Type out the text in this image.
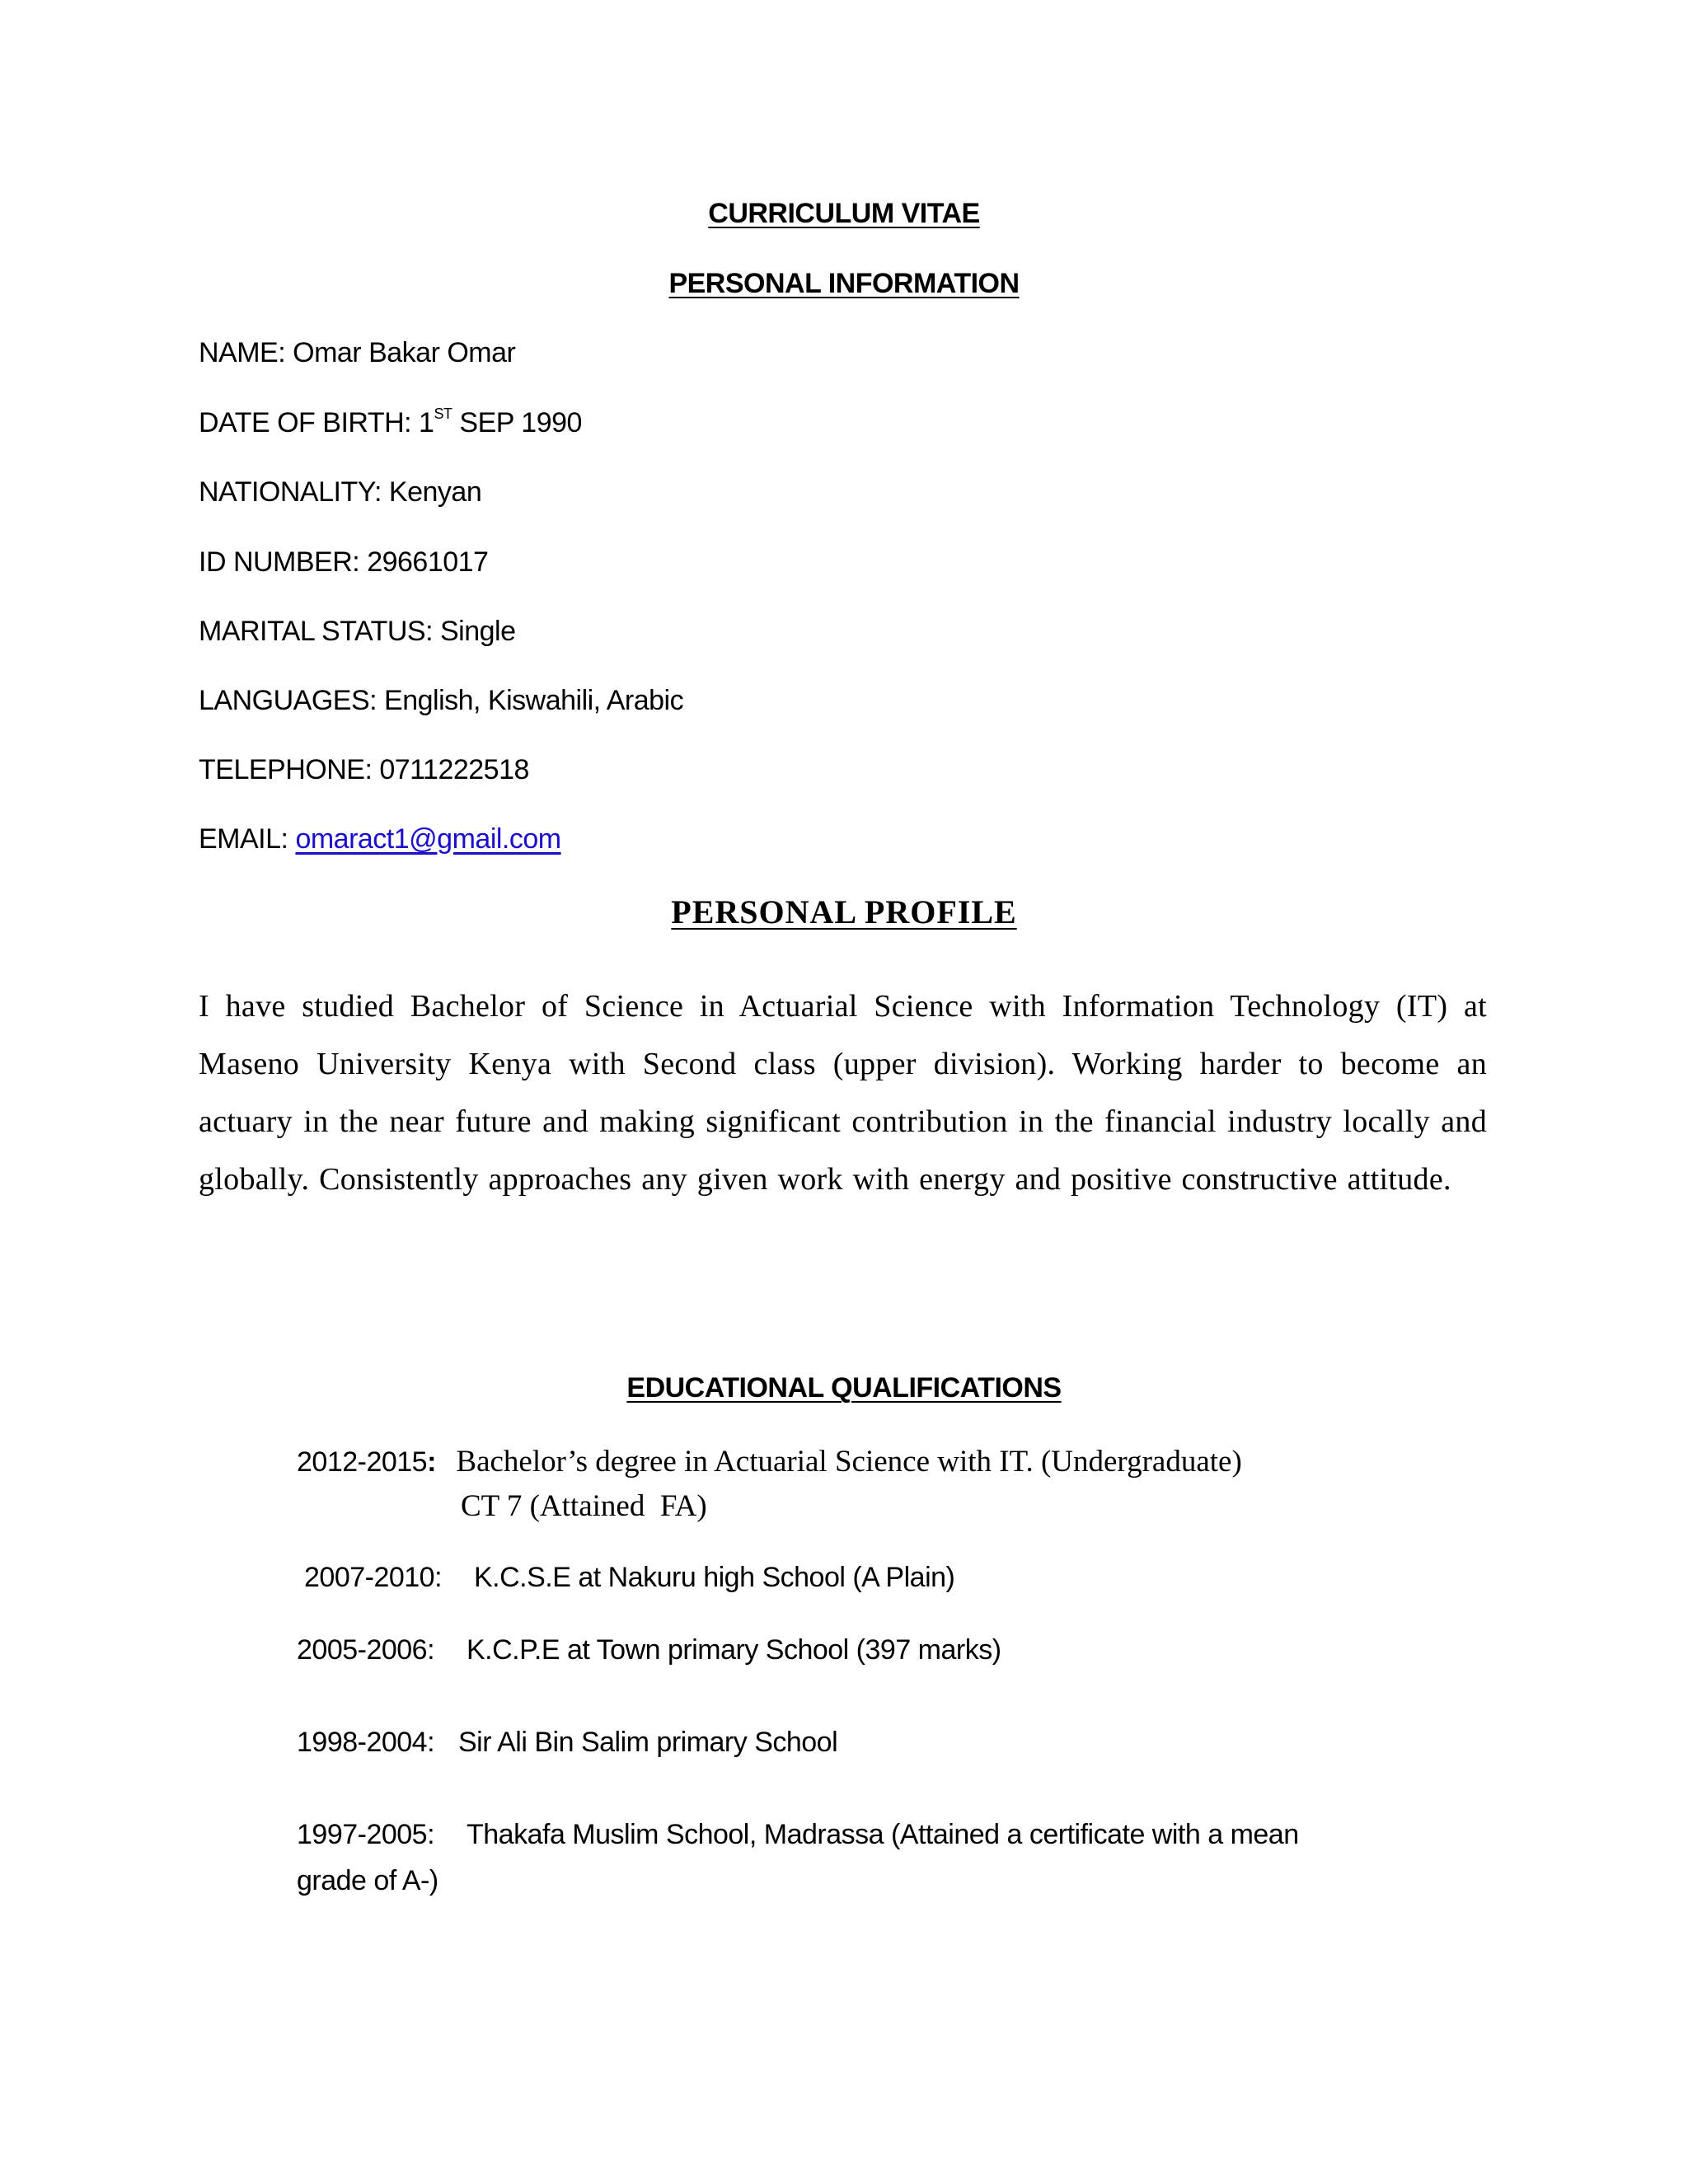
CURRICULUM VITAE
PERSONAL INFORMATION
NAME: Omar Bakar Omar
DATE OF BIRTH: 1ST SEP 1990
NATIONALITY: Kenyan
ID NUMBER: 29661017
MARITAL STATUS: Single
LANGUAGES: English, Kiswahili, Arabic
TELEPHONE: 0711222518
EMAIL: omaract1@gmail.com
PERSONAL PROFILE
I have studied Bachelor of Science in Actuarial Science with Information Technology (IT) at Maseno University Kenya with Second class (upper division). Working harder to become an actuary in the near future and making significant contribution in the financial industry locally and globally. Consistently approaches any given work with energy and positive constructive attitude.
EDUCATIONAL QUALIFICATIONS
2012-2015: Bachelor’s degree in Actuarial Science with IT. (Undergraduate)
CT 7 (Attained  FA)
2007-2010: K.C.S.E at Nakuru high School (A Plain)
2005-2006: K.C.P.E at Town primary School (397 marks)
1998-2004: Sir Ali Bin Salim primary School
1997-2005: Thakafa Muslim School, Madrassa (Attained a certificate with a mean
grade of A-)
